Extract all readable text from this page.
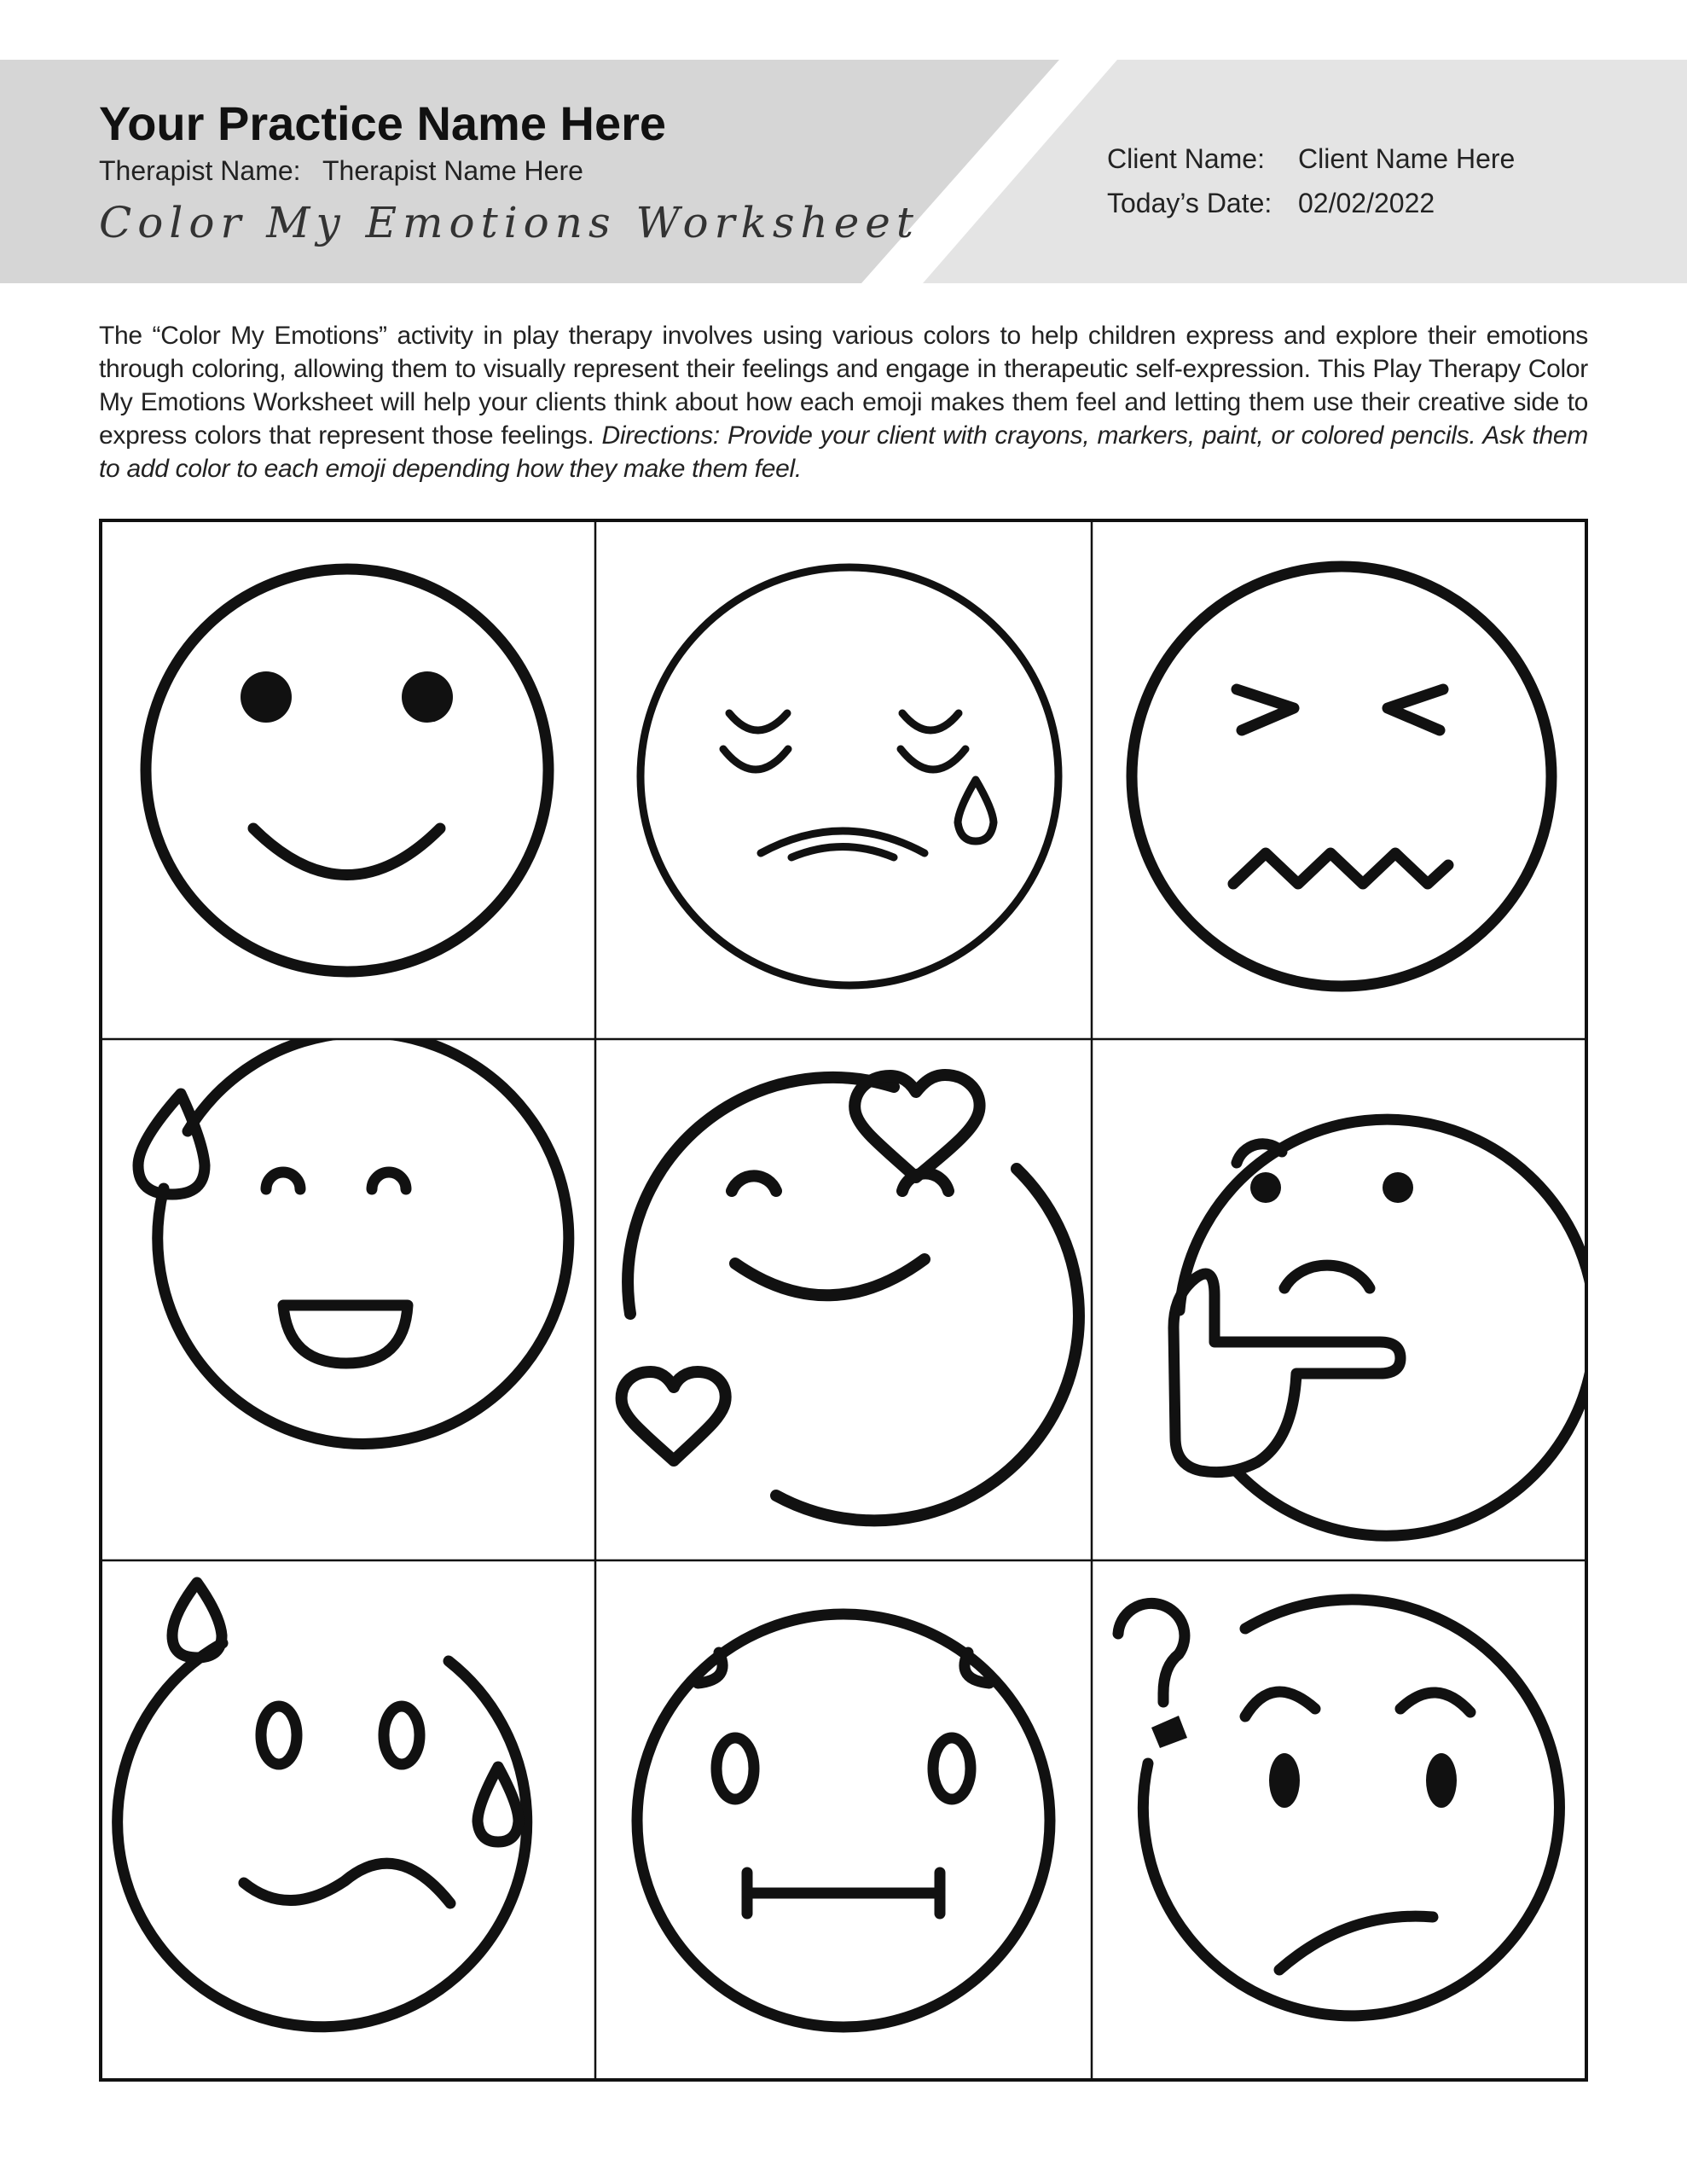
Your Practice Name Here
Therapist Name: Therapist Name Here
Color My Emotions Worksheet
Client Name: Client Name Here
Today’s Date: 02/02/2022
The “Color My Emotions” activity in play therapy involves using various colors to help children express and explore their emotions through coloring, allowing them to visually represent their feelings and engage in therapeutic self-expression. This Play Therapy Color My Emotions Worksheet will help your clients think about how each emoji makes them feel and letting them use their creative side to express colors that represent those feelings. Directions: Provide your client with crayons, markers, paint, or colored pencils. Ask them to add color to each emoji depending how they make them feel.
